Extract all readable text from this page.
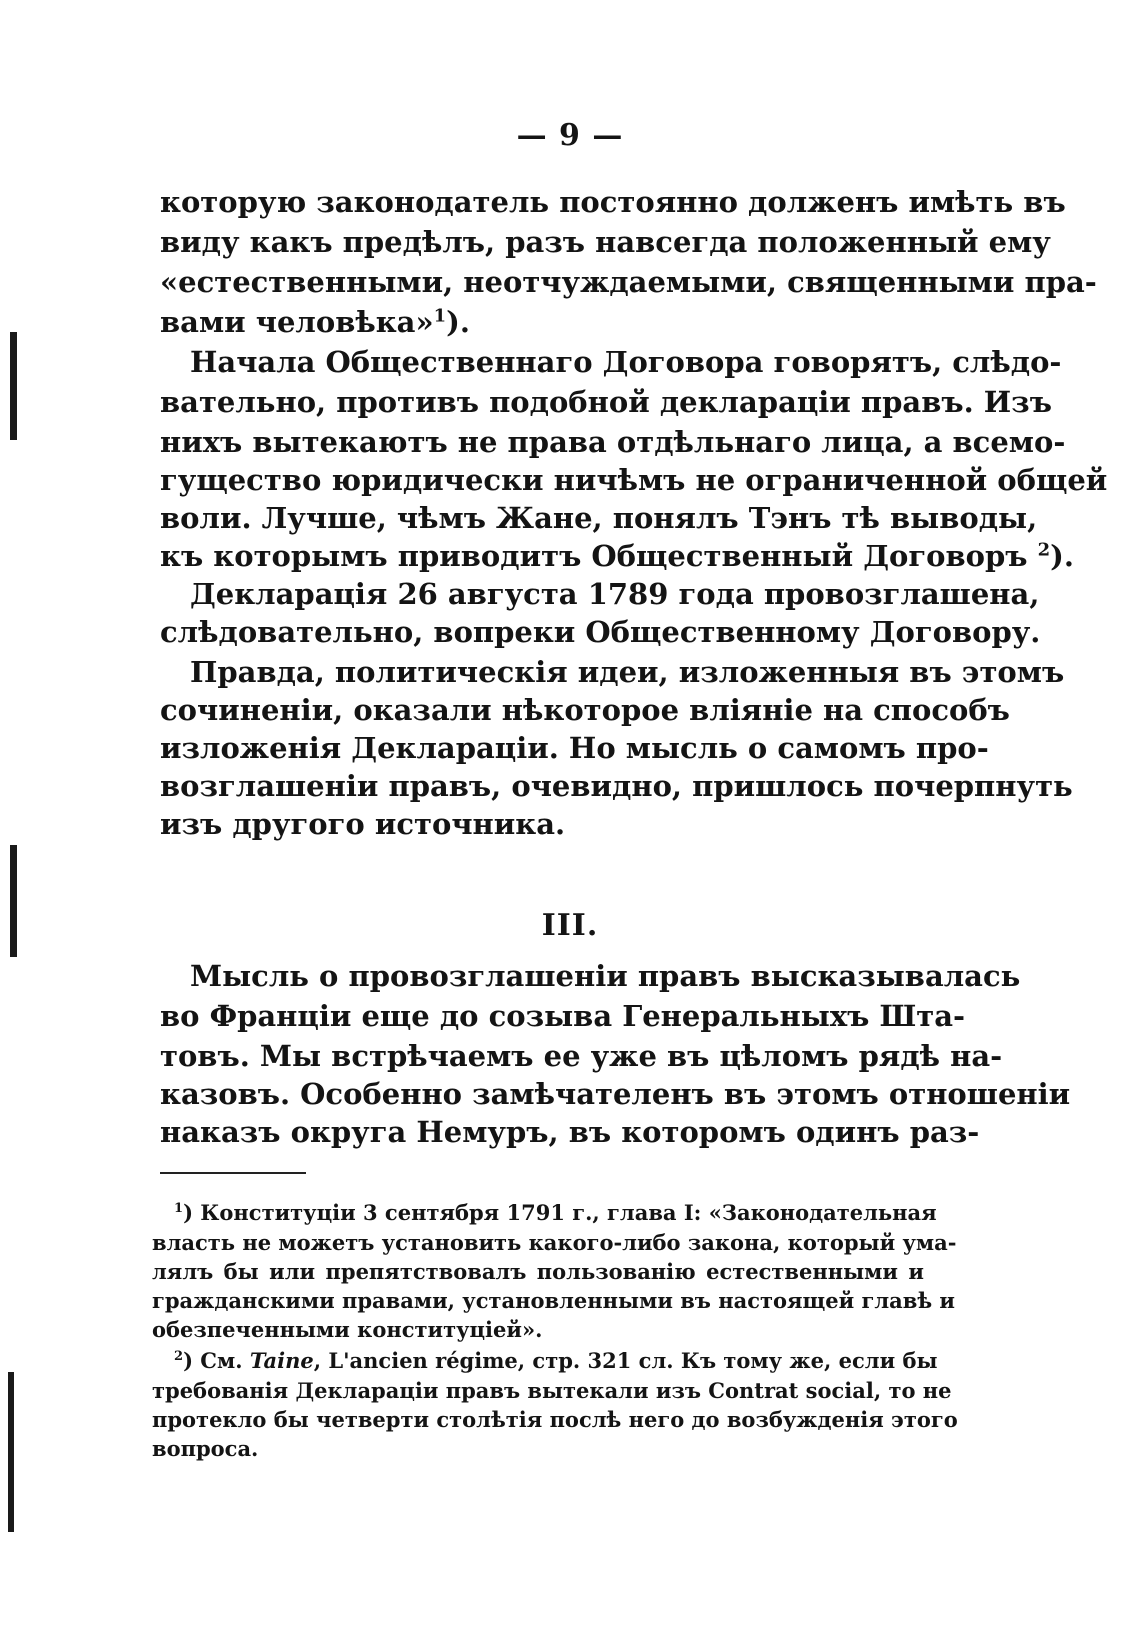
— 9 —
которую законодатель постоянно долженъ имѣть въ
виду какъ предѣлъ, разъ навсегда положенный ему
«естественными, неотчуждаемыми, священными пра-
вами человѣка»$^1$).
Начала Общественнаго Договора говорятъ, слѣдо-
вательно, противъ подобной декларацiи правъ. Изъ
нихъ вытекаютъ не права отдѣльнаго лица, а всемо-
гущество юридически ничѣмъ не ограниченной общей
воли. Лучше, чѣмъ Жане, понялъ Тэнъ тѣ выводы,
къ которымъ приводитъ Общественный Договоръ $^2$).
Декларацiя 26 августа 1789 года провозглашена,
слѣдовательно, вопреки Общественному Договору.
Правда, политическiя идеи, изложенныя въ этомъ
сочиненiи, оказали нѣкоторое влiянiе на способъ
изложенiя Декларацiи. Но мысль о самомъ про-
возглашенiи правъ, очевидно, пришлось почерпнуть
изъ другого источника.
III.
Мысль о провозглашенiи правъ высказывалась
во Францiи еще до созыва Генеральныхъ Шта-
товъ. Мы встрѣчаемъ ее уже въ цѣломъ рядѣ на-
казовъ. Особенно замѣчателенъ въ этомъ отношенiи
наказъ округа Немуръ, въ которомъ одинъ раз-
$^1$) Конституцiи 3 сентября 1791 г., глава I: «Законодательная
власть не можетъ установить какого-либо закона, который ума-
лялъ бы или препятствовалъ пользованiю естественными и
гражданскими правами, установленными въ настоящей главѣ и
обезпеченными конституцiей».
$^2$) См. Taine, L'ancien régime, стр. 321 сл. Къ тому же, если бы
требованiя Декларацiи правъ вытекали изъ Contrat social, то не
протекло бы четверти столѣтiя послѣ него до возбужденiя этого
вопроса.
